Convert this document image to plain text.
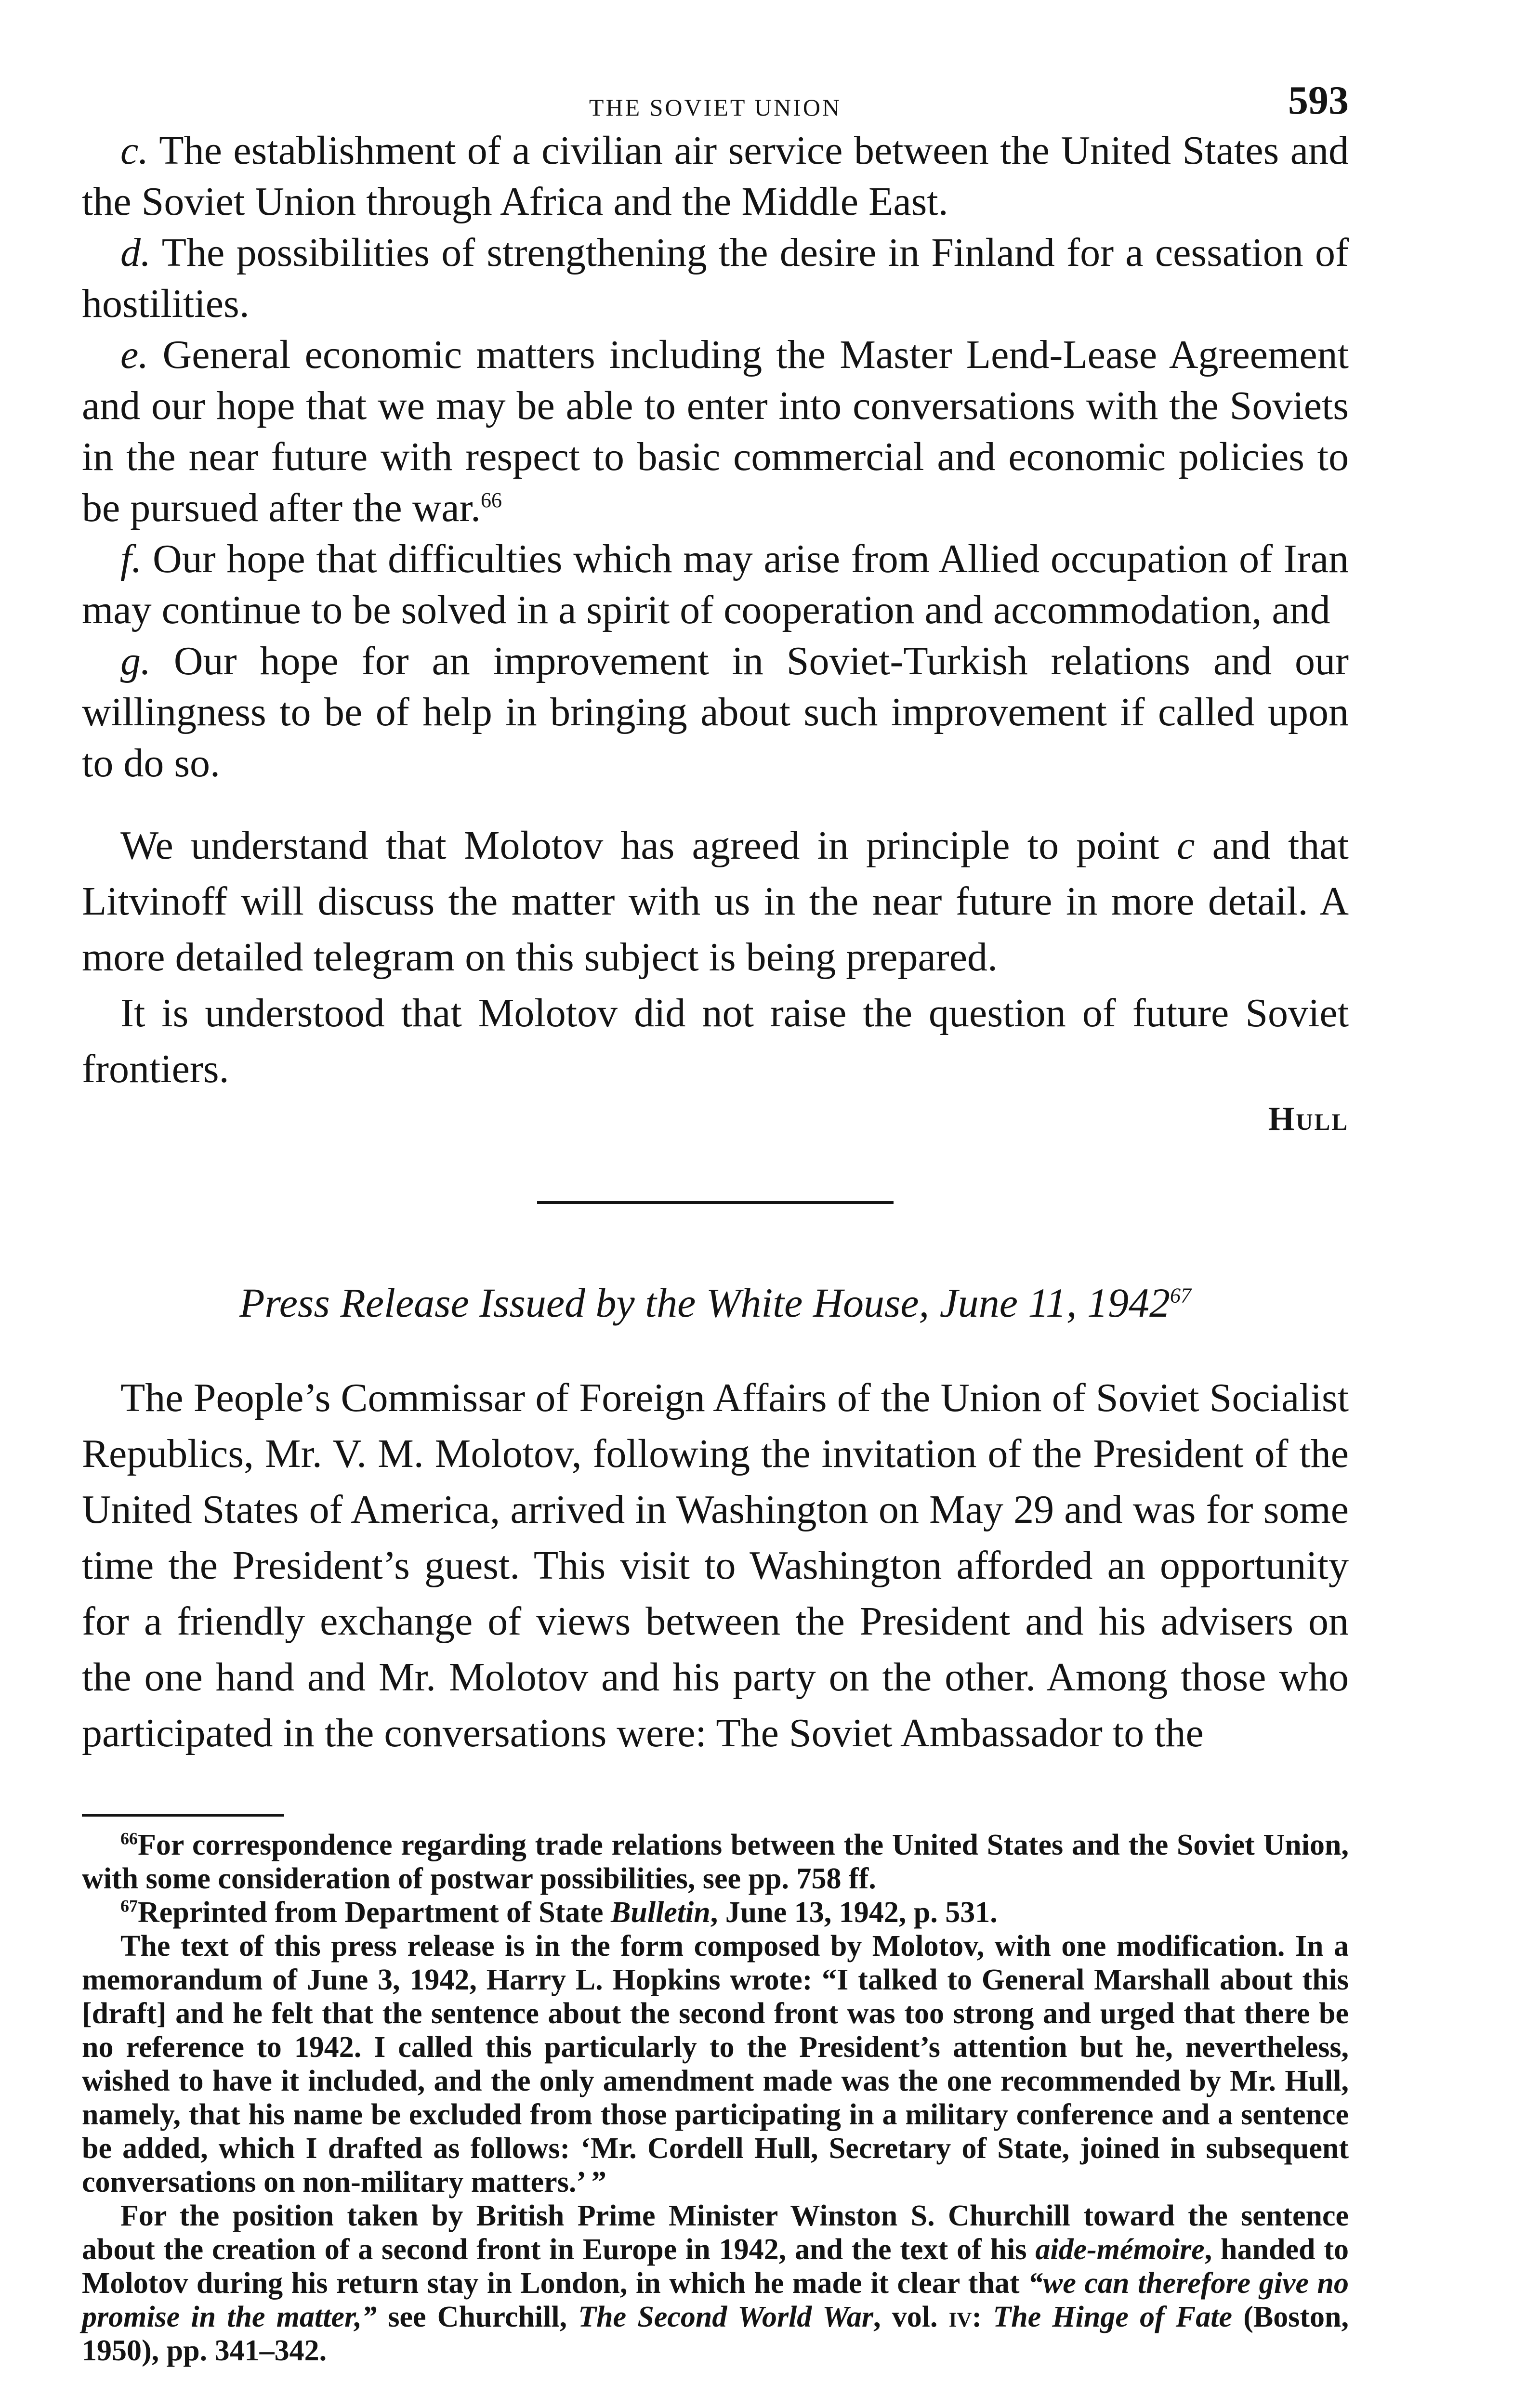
THE SOVIET UNION	593

c. The establishment of a civilian air service between the United States and the Soviet Union through Africa and the Middle East.

d. The possibilities of strengthening the desire in Finland for a cessation of hostilities.

e. General economic matters including the Master Lend-Lease Agreement and our hope that we may be able to enter into conversations with the Soviets in the near future with respect to basic commercial and economic policies to be pursued after the war.$^{66}$

f. Our hope that difficulties which may arise from Allied occupation of Iran may continue to be solved in a spirit of cooperation and accommodation, and

g. Our hope for an improvement in Soviet-Turkish relations and our willingness to be of help in bringing about such improvement if called upon to do so.

We understand that Molotov has agreed in principle to point c and that Litvinoff will discuss the matter with us in the near future in more detail. A more detailed telegram on this subject is being prepared.

It is understood that Molotov did not raise the question of future Soviet frontiers.

Hull
Press Release Issued by the White House, June 11, 1942$^{67}$

The People’s Commissar of Foreign Affairs of the Union of Soviet Socialist Republics, Mr. V. M. Molotov, following the invitation of the President of the United States of America, arrived in Washington on May 29 and was for some time the President’s guest. This visit to Washington afforded an opportunity for a friendly exchange of views between the President and his advisers on the one hand and Mr. Molotov and his party on the other. Among those who participated in the conversations were: The Soviet Ambassador to the

$^{66}$For correspondence regarding trade relations between the United States and the Soviet Union, with some consideration of postwar possibilities, see pp. 758 ff.

$^{67}$Reprinted from Department of State Bulletin, June 13, 1942, p. 531.

The text of this press release is in the form composed by Molotov, with one modification. In a memorandum of June 3, 1942, Harry L. Hopkins wrote: “I talked to General Marshall about this [draft] and he felt that the sentence about the second front was too strong and urged that there be no reference to 1942. I called this particularly to the President’s attention but he, nevertheless, wished to have it included, and the only amendment made was the one recommended by Mr. Hull, namely, that his name be excluded from those participating in a military conference and a sentence be added, which I drafted as follows: ‘Mr. Cordell Hull, Secretary of State, joined in subsequent conversations on non-military matters.’ ”

For the position taken by British Prime Minister Winston S. Churchill toward the sentence about the creation of a second front in Europe in 1942, and the text of his aide-mémoire, handed to Molotov during his return stay in London, in which he made it clear that “we can therefore give no promise in the matter,” see Churchill, The Second World War, vol. iv: The Hinge of Fate (Boston, 1950), pp. 341–342.
